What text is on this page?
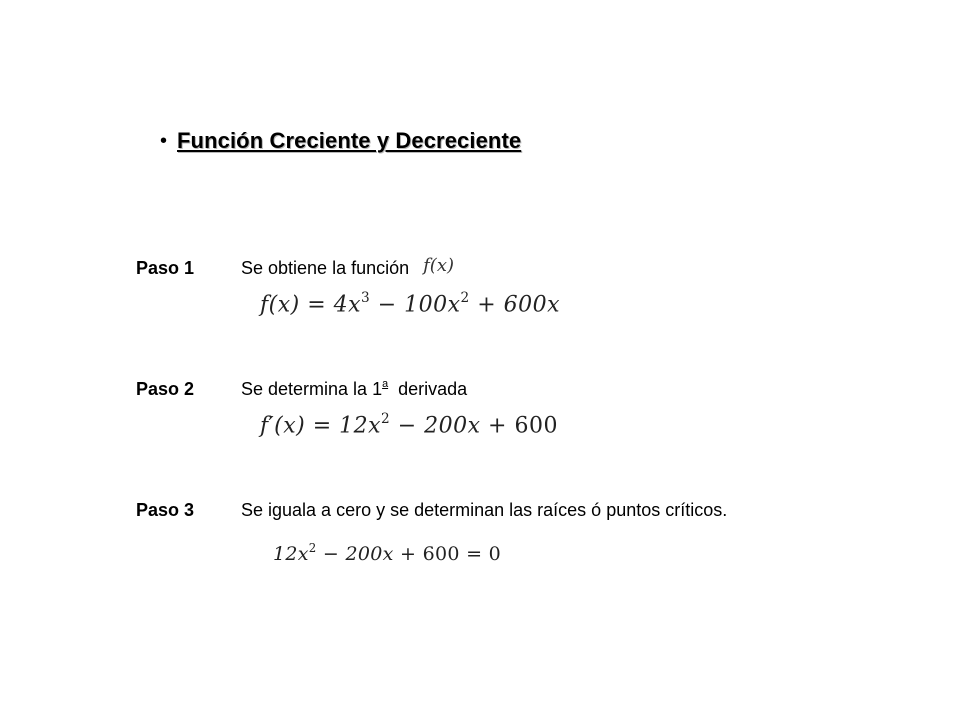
• Función Creciente y Decreciente
Paso 1	Se obtiene la función f(x)
$f(x) = 4x^3 - 100x^2 + 600x$
Paso 2	Se determina la 1$^a$  derivada
$f'(x) = 12x^2 - 200x + 600$
Paso 3	Se iguala a cero y se determinan las raíces ó puntos críticos.
$12x^2 - 200x + 600 = 0$
